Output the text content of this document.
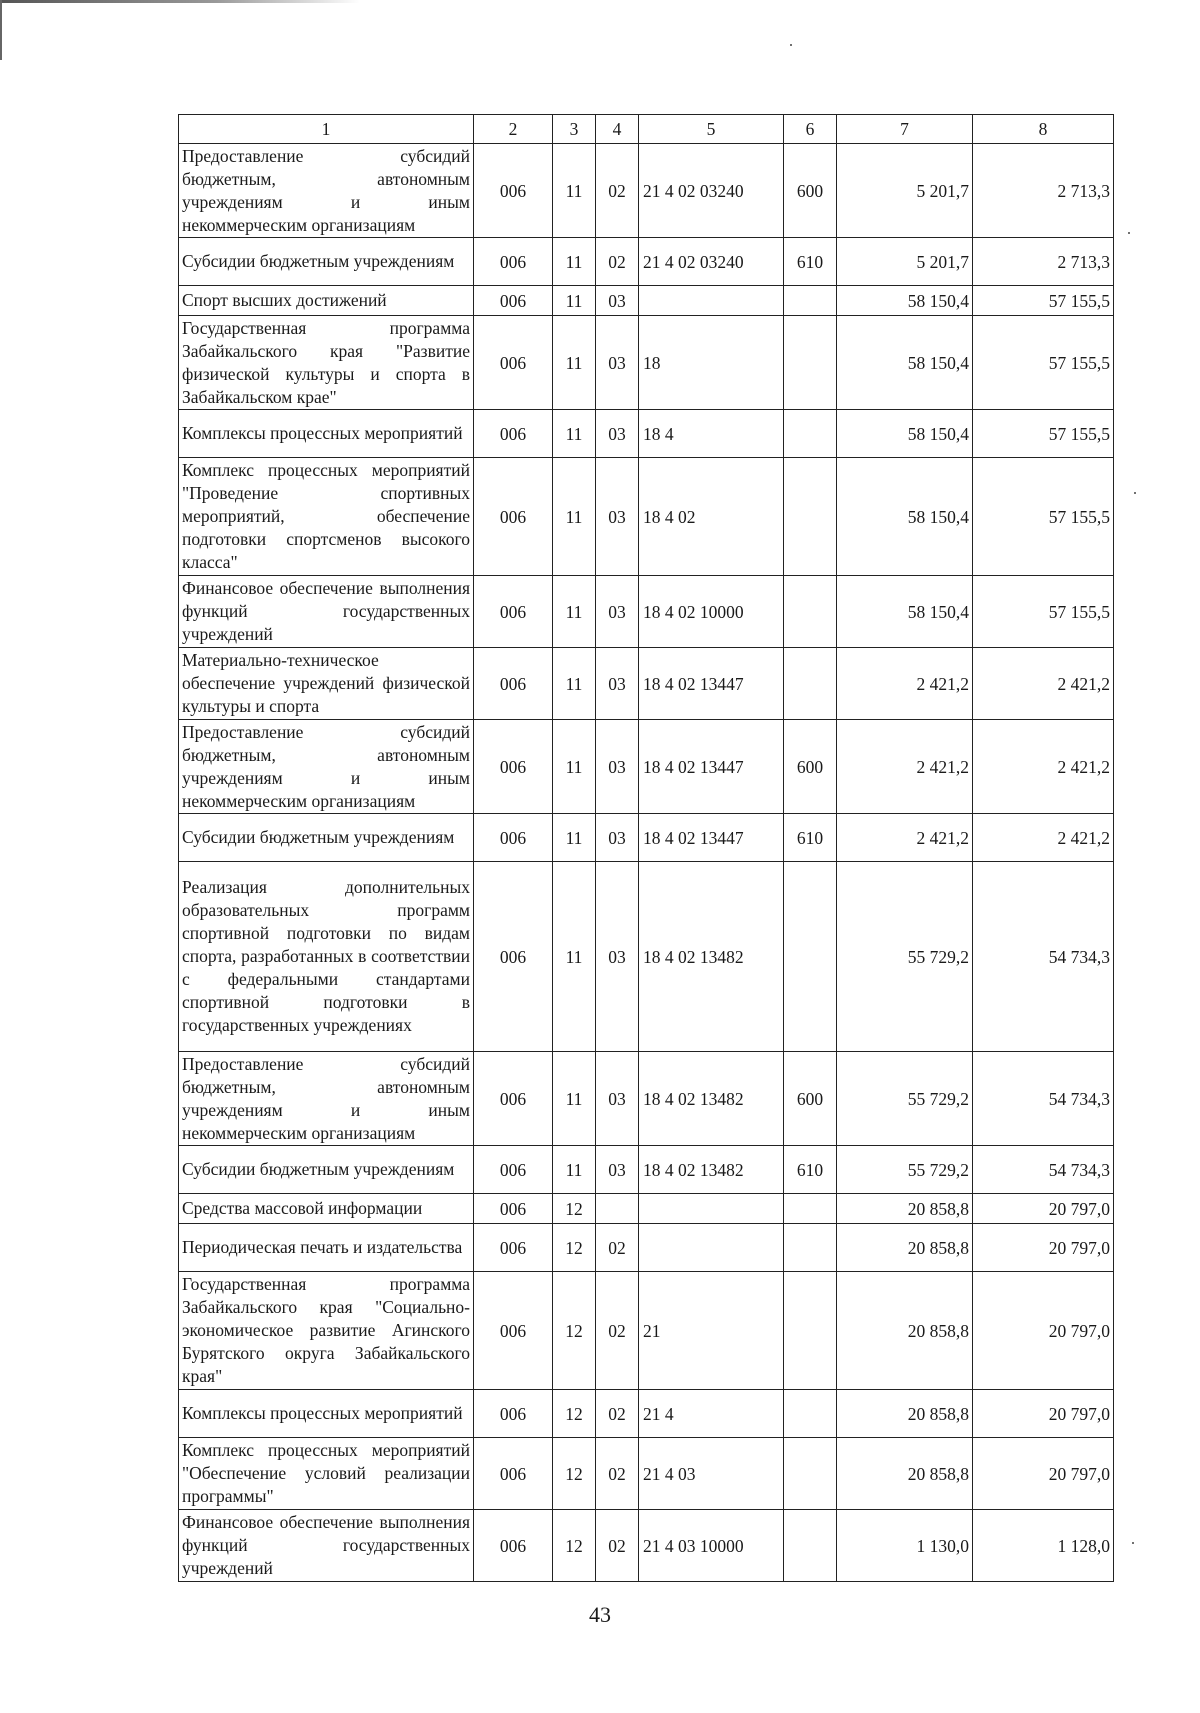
1	2	3	4	5	6	7	8
Предоставление субсидий бюджетным, автономным учреждениям и иным некоммерческим организациям	006	11	02	21 4 02 03240	600	5 201,7	2 713,3
Субсидии бюджетным учреждениям	006	11	02	21 4 02 03240	610	5 201,7	2 713,3
Спорт высших достижений	006	11	03			58 150,4	57 155,5
Государственная программа Забайкальского края "Развитие физической культуры и спорта в Забайкальском крае"	006	11	03	18		58 150,4	57 155,5
Комплексы процессных мероприятий	006	11	03	18 4		58 150,4	57 155,5
Комплекс процессных мероприятий "Проведение спортивных мероприятий, обеспечение подготовки спортсменов высокого класса"	006	11	03	18 4 02		58 150,4	57 155,5
Финансовое обеспечение выполнения функций государственных учреждений	006	11	03	18 4 02 10000		58 150,4	57 155,5
Материально-техническое обеспечение учреждений физической культуры и спорта	006	11	03	18 4 02 13447		2 421,2	2 421,2
Предоставление субсидий бюджетным, автономным учреждениям и иным некоммерческим организациям	006	11	03	18 4 02 13447	600	2 421,2	2 421,2
Субсидии бюджетным учреждениям	006	11	03	18 4 02 13447	610	2 421,2	2 421,2
Реализация дополнительных образовательных программ спортивной подготовки по видам спорта, разработанных в соответствии с федеральными стандартами спортивной подготовки в государственных учреждениях	006	11	03	18 4 02 13482		55 729,2	54 734,3
Предоставление субсидий бюджетным, автономным учреждениям и иным некоммерческим организациям	006	11	03	18 4 02 13482	600	55 729,2	54 734,3
Субсидии бюджетным учреждениям	006	11	03	18 4 02 13482	610	55 729,2	54 734,3
Средства массовой информации	006	12				20 858,8	20 797,0
Периодическая печать и издательства	006	12	02			20 858,8	20 797,0
Государственная программа Забайкальского края "Социально-экономическое развитие Агинского Бурятского округа Забайкальского края"	006	12	02	21		20 858,8	20 797,0
Комплексы процессных мероприятий	006	12	02	21 4		20 858,8	20 797,0
Комплекс процессных мероприятий "Обеспечение условий реализации программы"	006	12	02	21 4 03		20 858,8	20 797,0
Финансовое обеспечение выполнения функций государственных учреждений	006	12	02	21 4 03 10000		1 130,0	1 128,0
43
